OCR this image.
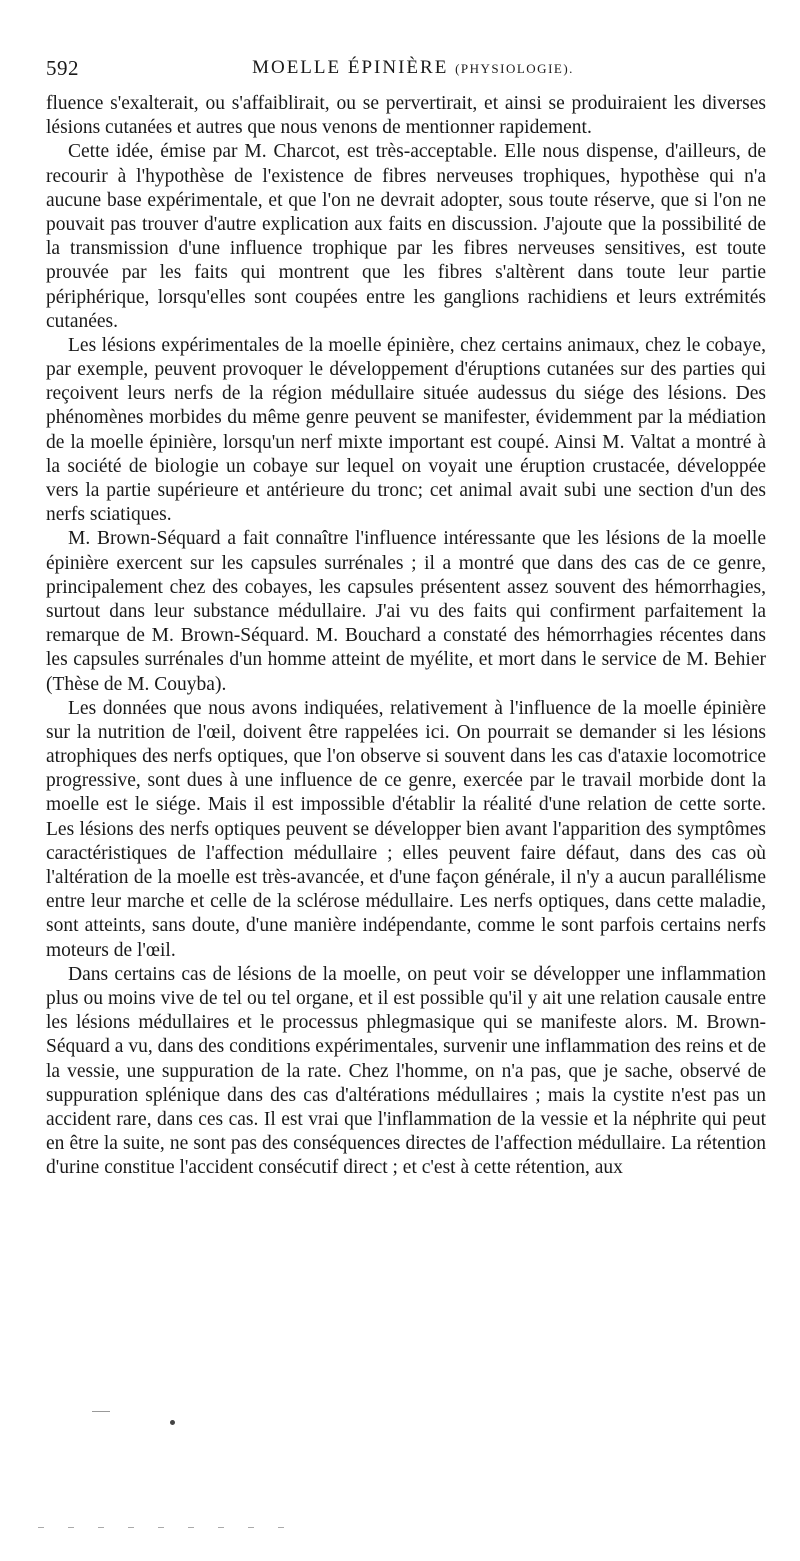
592	MOELLE ÉPINIÈRE (PHYSIOLOGIE).

fluence s'exalterait, ou s'affaiblirait, ou se pervertirait, et ainsi se produiraient les diverses lésions cutanées et autres que nous venons de mentionner rapidement.

Cette idée, émise par M. Charcot, est très-acceptable. Elle nous dispense, d'ailleurs, de recourir à l'hypothèse de l'existence de fibres nerveuses trophiques, hypothèse qui n'a aucune base expérimentale, et que l'on ne devrait adopter, sous toute réserve, que si l'on ne pouvait pas trouver d'autre explication aux faits en discussion. J'ajoute que la possibilité de la transmission d'une influence trophique par les fibres nerveuses sensitives, est toute prouvée par les faits qui montrent que les fibres s'altèrent dans toute leur partie périphérique, lorsqu'elles sont coupées entre les ganglions rachidiens et leurs extrémités cutanées.

Les lésions expérimentales de la moelle épinière, chez certains animaux, chez le cobaye, par exemple, peuvent provoquer le développement d'éruptions cutanées sur des parties qui reçoivent leurs nerfs de la région médullaire située audessus du siége des lésions. Des phénomènes morbides du même genre peuvent se manifester, évidemment par la médiation de la moelle épinière, lorsqu'un nerf mixte important est coupé. Ainsi M. Valtat a montré à la société de biologie un cobaye sur lequel on voyait une éruption crustacée, développée vers la partie supérieure et antérieure du tronc; cet animal avait subi une section d'un des nerfs sciatiques.

M. Brown-Séquard a fait connaître l'influence intéressante que les lésions de la moelle épinière exercent sur les capsules surrénales ; il a montré que dans des cas de ce genre, principalement chez des cobayes, les capsules présentent assez souvent des hémorrhagies, surtout dans leur substance médullaire. J'ai vu des faits qui confirment parfaitement la remarque de M. Brown-Séquard. M. Bouchard a constaté des hémorrhagies récentes dans les capsules surrénales d'un homme atteint de myélite, et mort dans le service de M. Behier (Thèse de M. Couyba).

Les données que nous avons indiquées, relativement à l'influence de la moelle épinière sur la nutrition de l'œil, doivent être rappelées ici. On pourrait se demander si les lésions atrophiques des nerfs optiques, que l'on observe si souvent dans les cas d'ataxie locomotrice progressive, sont dues à une influence de ce genre, exercée par le travail morbide dont la moelle est le siége. Mais il est impossible d'établir la réalité d'une relation de cette sorte. Les lésions des nerfs optiques peuvent se développer bien avant l'apparition des symptômes caractéristiques de l'affection médullaire ; elles peuvent faire défaut, dans des cas où l'altération de la moelle est très-avancée, et d'une façon générale, il n'y a aucun parallélisme entre leur marche et celle de la sclérose médullaire. Les nerfs optiques, dans cette maladie, sont atteints, sans doute, d'une manière indépendante, comme le sont parfois certains nerfs moteurs de l'œil.

Dans certains cas de lésions de la moelle, on peut voir se développer une inflammation plus ou moins vive de tel ou tel organe, et il est possible qu'il y ait une relation causale entre les lésions médullaires et le processus phlegmasique qui se manifeste alors. M. Brown-Séquard a vu, dans des conditions expérimentales, survenir une inflammation des reins et de la vessie, une suppuration de la rate. Chez l'homme, on n'a pas, que je sache, observé de suppuration splénique dans des cas d'altérations médullaires ; mais la cystite n'est pas un accident rare, dans ces cas. Il est vrai que l'inflammation de la vessie et la néphrite qui peut en être la suite, ne sont pas des conséquences directes de l'affection médullaire. La rétention d'urine constitue l'accident consécutif direct ; et c'est à cette rétention, aux
